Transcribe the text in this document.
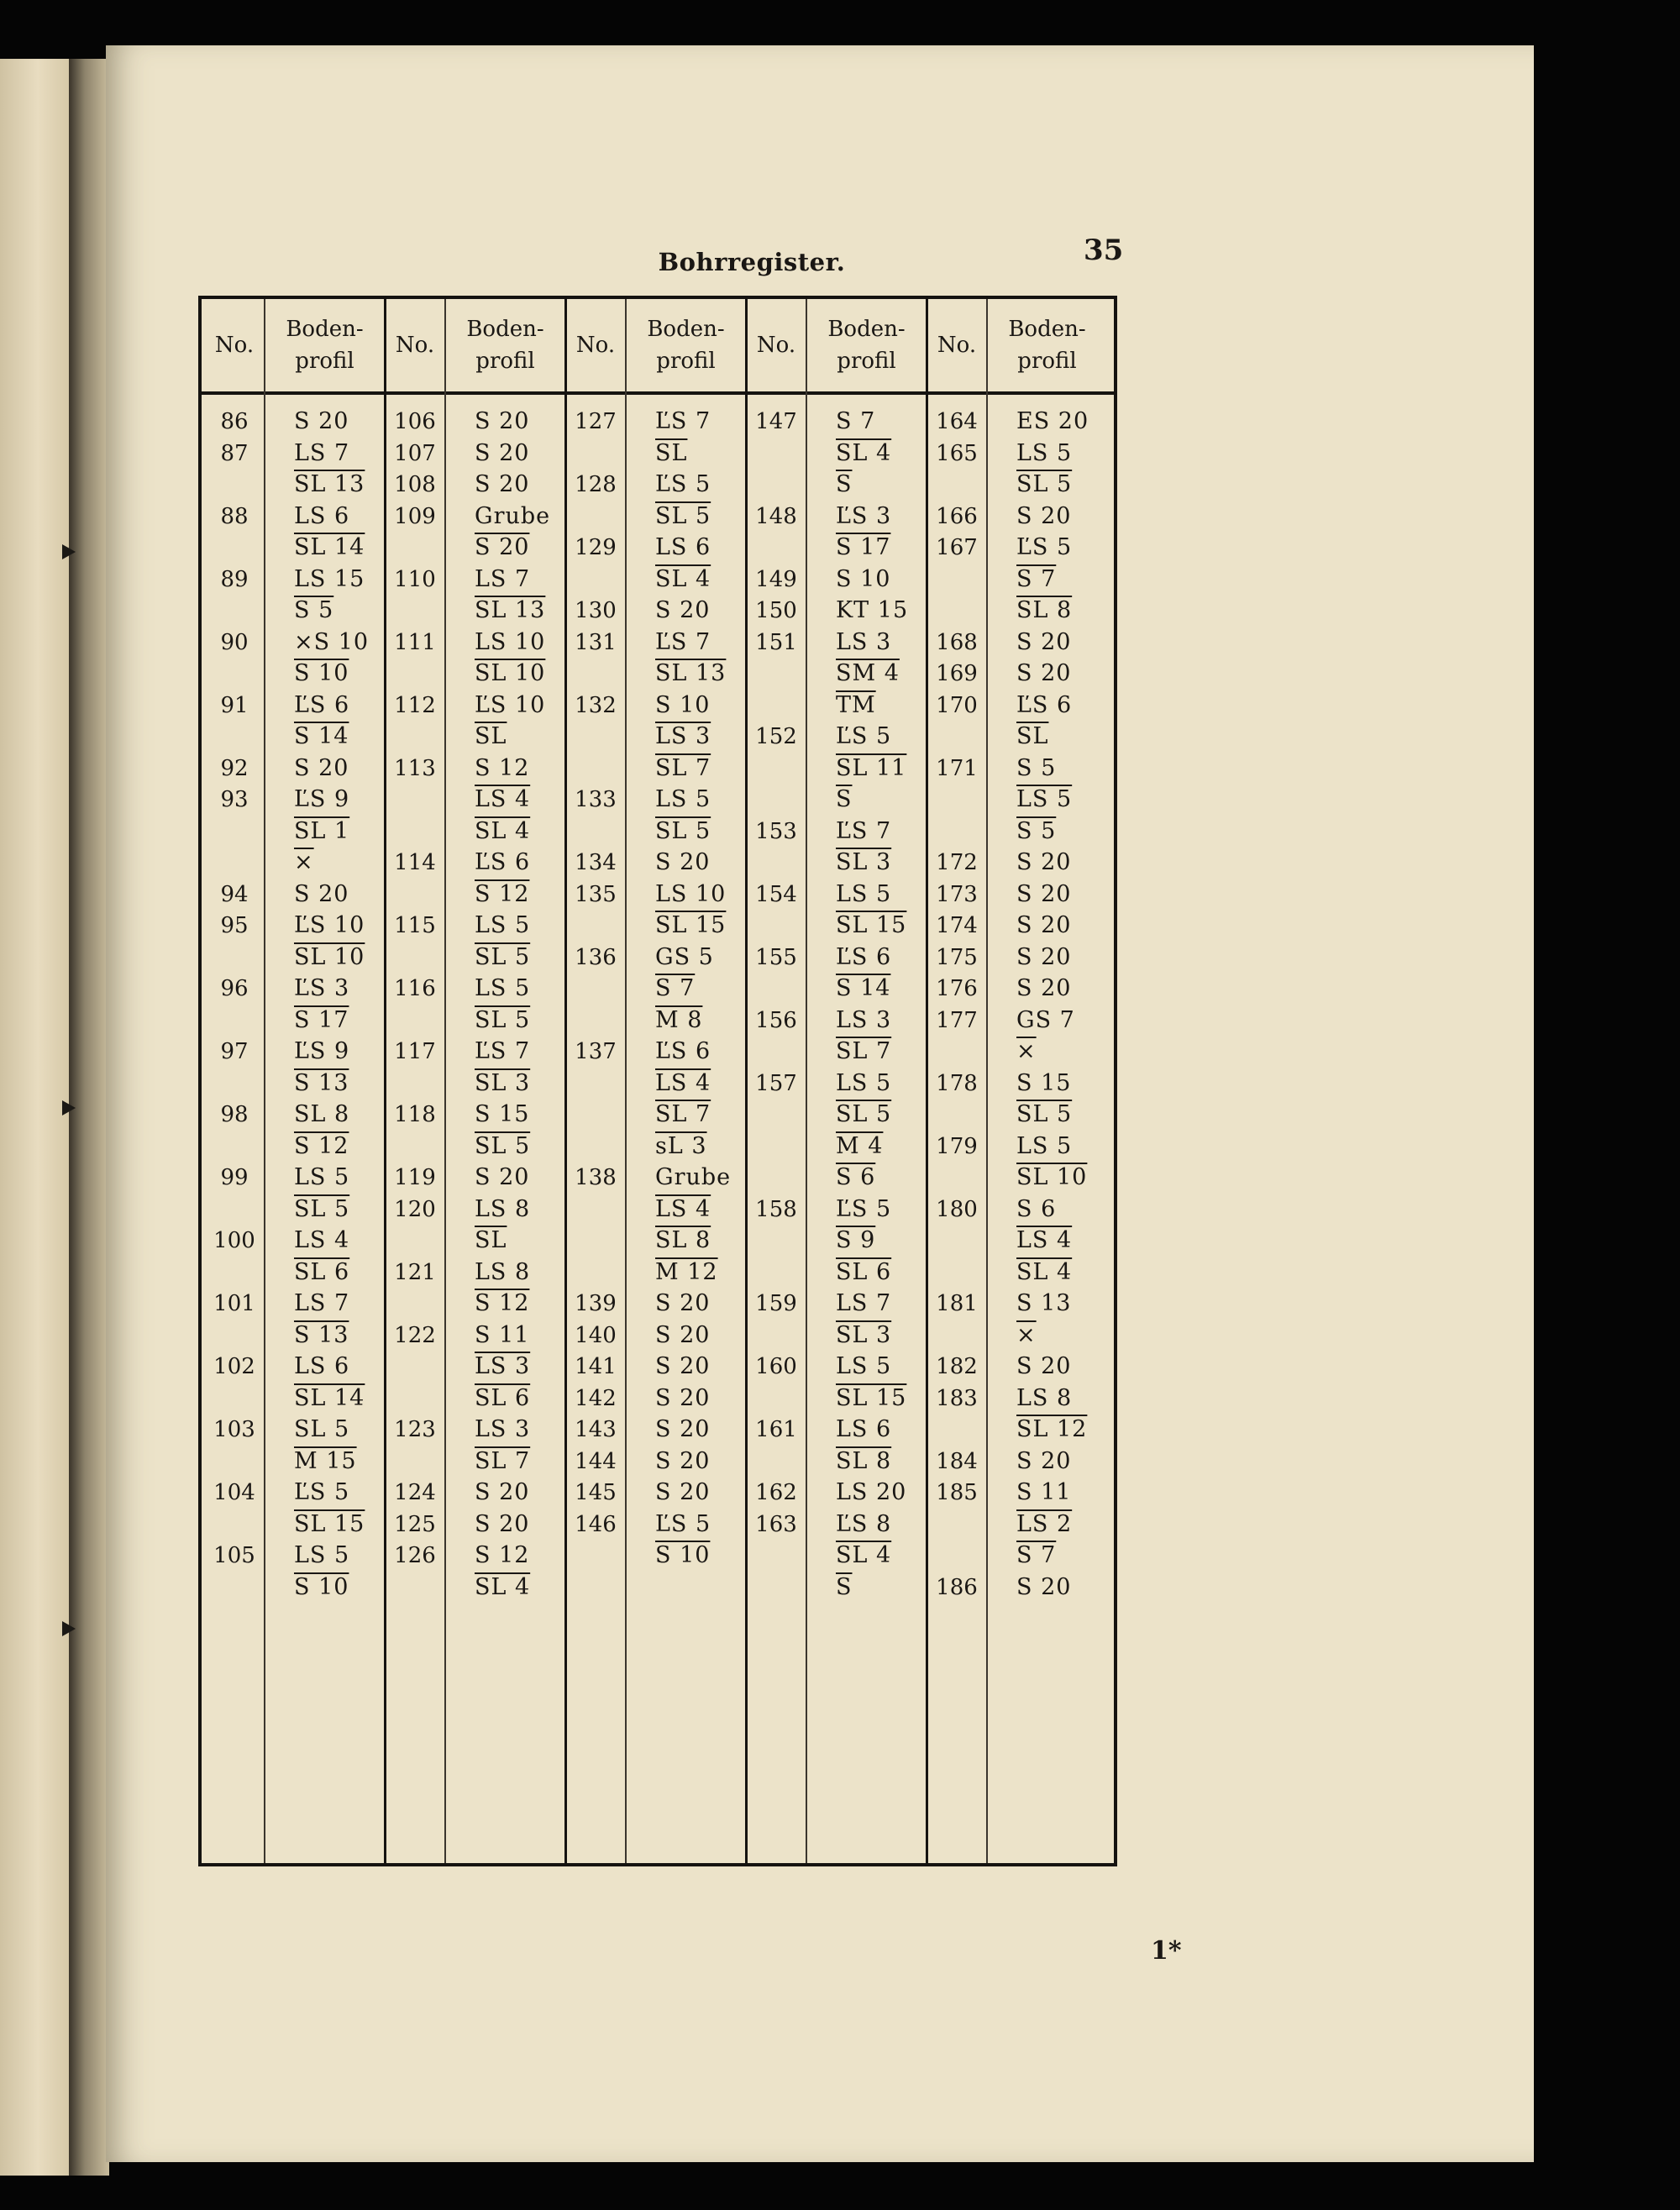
Bohrregister.	35
No.
Boden-
profil
86	S 20
87	LS 7
SL 13
88	LS 6
SL 14
89	LS 15
S 5
90	×S 10
S 10
91	ĽS 6
S 14
92	S 20
93	ĽS 9
SL 1
×
94	S 20
95	ĽS 10
SL 10
96	ĽS 3
S 17
97	ĽS 9
S 13
98	SL 8
S 12
99	LS 5
SL 5
100	LS 4
SL 6
101	LS 7
S 13
102	LS 6
SL 14
103	SL 5
M 15
104	ĽS 5
SL 15
105	LS 5
S 10
No.
Boden-
profil
106	S 20
107	S 20
108	S 20
109	Grube
S 20
110	LS 7
SL 13
111	LS 10
SL 10
112	ĽS 10
$\overline{SL}$
113	S 12
LS 4
SL 4
114	ĽS 6
S 12
115	LS 5
SL 5
116	LS 5
SL 5
117	ĽS 7
SL 3
118	S 15
SL 5
119	S 20
120	LS 8
$\overline{SL}$
121	LS 8
S 12
122	S 11
LS 3
SL 6
123	LS 3
SL 7
124	S 20
125	S 20
126	S 12
SL 4
No.
Boden-
profil
127	ĽS 7
$\overline{SL}$
128	ĽS 5
SL 5
129	LS 6
SL 4
130	S 20
131	ĽS 7
SL 13
132	S 10
LS 3
SL 7
133	LS 5
SL 5
134	S 20
135	LS 10
SL 15
136	GS 5
S 7
M 8
137	ĽS 6
LS 4
SL 7
sL 3
138	Grube
LS 4
SL 8
M 12
139	S 20
140	S 20
141	S 20
142	S 20
143	S 20
144	S 20
145	S 20
146	ĽS 5
S 10
No.
Boden-
profil
147	S 7
SL 4
$\overline{S}$
148	ĽS 3
S 17
149	S 10
150	KT 15
151	LS 3
SM 4
$\overline{TM}$
152	ĽS 5
SL 11
$\overline{S}$
153	ĽS 7
SL 3
154	LS 5
SL 15
155	ĽS 6
S 14
156	LS 3
SL 7
157	LS 5
SL 5
M 4
S 6
158	ĽS 5
S 9
SL 6
159	LS 7
SL 3
160	LS 5
SL 15
161	LS 6
SL 8
162	LS 20
163	ĽS 8
SL 4
$\overline{S}$
No.
Boden-
profil
164	ES 20
165	LS 5
SL 5
166	S 20
167	ĽS 5
S 7
SL 8
168	S 20
169	S 20
170	ĽS 6
$\overline{SL}$
171	S 5
LS 5
S 5
172	S 20
173	S 20
174	S 20
175	S 20
176	S 20
177	GS 7
×
178	S 15
SL 5
179	LS 5
SL 10
180	S 6
LS 4
SL 4
181	S 13
×
182	S 20
183	LS 8
SL 12
184	S 20
185	S 11
LS 2
S 7
186	S 20
1*
